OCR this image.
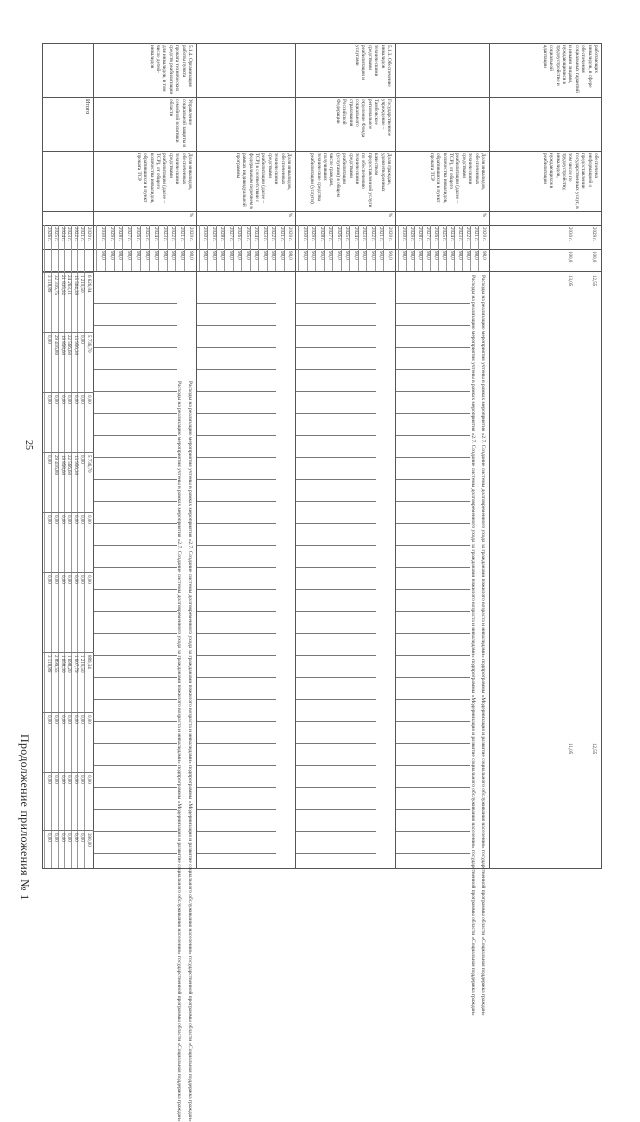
25
Продолжение приложения № 1
работающих инвалидов, в сфере обеспечения социальных гарантий и иными лицами, нуждающимися в трудоустройстве и социальной адаптации
обеспечена информацией о предоставлении государственных услуг, в том числе по трудоустройству, инвалидов, нуждающихся в реабилитации
2029 г.
2030 г.
100,0
100,0
12,55
13,05
12,55
11,05
Доля инвалидов, обеспеченных техническими средствами реабилитации (далее – ТСР), от общего количества инвалидов, обратившихся в пункт проката ТСР
%
Расходы на реализацию мероприятия учтены в рамках мероприятия «2.7. Создание системы долговременного ухода за гражданами пожилого возраста и инвалидами» подпрограммы «Модернизация и развитие социального обслуживания населения» государственной программы области «Социальная поддержка граждан»
Расходы на реализацию мероприятия учтены в рамках мероприятия «2.7. Создание системы долговременного ухода за гражданами пожилого возраста и инвалидами» подпрограммы «Модернизация и развитие социального обслуживания населения» государственной программы области «Социальная поддержка граждан»
5.1.3. Обеспечение инвалидов техническими средствами реабилитации и услугами
Государственное учреждение – Тамбовское региональное отделение Фонда социального страхования Российской Федерации
Доля граждан, удовлетворенных качеством предоставленной услуги по обеспечению техническими средствами реабилитации (услугами) в общем числе граждан, получивших технические средства реабилитации (услуги)
%
Доля инвалидов, обеспеченных техническими средствами реабилитации (далее – ТСР) в соответствии с федеральным перечнем в рамках индивидуальной программы
%
5.1.4. Организация работы пункта проката технических средств реабилитации для инвалидов, в том числе детей-инвалидов
Управление социальной защиты и семейной политики области
Доля инвалидов, обеспеченных техническими средствами реабилитации (далее – ТСР), от общего количества инвалидов, обратившихся в пункт проката ТСР
%
Расходы на реализацию мероприятия учтены в рамках мероприятия «2.7. Создание системы долговременного ухода за гражданами пожилого возраста и инвалидами» подпрограммы «Модернизация и развитие социального обслуживания населения» государственной программы области «Социальная поддержка граждан»
Расходы на реализацию мероприятия учтены в рамках мероприятия «2.7. Создание системы долговременного ухода за гражданами пожилого возраста и инвалидами» подпрограммы «Модернизация и развитие социального обслуживания населения» государственной программы области «Социальная поддержка граждан»
Итого
2020 г.
98,0
2021 г.
98,0
2022 г.
98,0
2023 г.
98,0
2024 г.
98,0
2025 г.
98,0
2026 г.
98,0
2027 г.
98,0
2028 г.
98,0
2029 г.
98,0
2030 г.
98,0
2020 г.
90,0
2021 г.
90,0
2022 г.
90,0
2023 г.
90,0
2024 г.
90,0
2025 г.
90,0
2026 г.
90,0
2027 г.
90,0
2028 г.
90,0
2029 г.
90,0
2030 г.
90,0
2020 г.
98,0
2021 г.
98,0
2022 г.
98,0
2023 г.
98,0
2024 г.
98,0
2025 г.
98,0
2026 г.
98,0
2027 г.
98,0
2028 г.
98,0
2029 г.
98,0
2030 г.
98,0
2020 г.
98,0
2021 г.
98,0
2022 г.
98,0
2023 г.
98,0
2024 г.
98,0
2025 г.
98,0
2026 г.
98,0
2027 г.
98,0
2028 г.
98,0
2029 г.
98,0
2030 г.
98,0
2020 г.
6 626,04
5 736,70
0,00
5 736,70
0,00
0,00
889,34
0,00
0,00
390,00
2021 г.
1 210,50
0,00
0,00
0,00
0,00
0,00
1 210,50
0,00
0,00
0,00
2022 г.
15 564,39
13 956,30
0,00
13 956,30
0,00
0,00
1 607,79
0,00
0,00
0,00
2023 г.
24 263,11
22 566,60
0,00
22 566,60
0,00
0,00
1 698,20
0,00
0,00
0,00
2024 г.
21 835,92
19 858,60
0,00
19 858,60
0,00
0,00
1 658,30
0,00
0,00
0,00
2025 г.
32 316,75
29 416,80
0,00
29 416,80
0,00
0,00
2 899,55
0,00
0,00
0,00
2026 г.
3 118,89
0,00
0,00
0,00
0,00
0,00
3 118,89
0,00
0,00
0,00
